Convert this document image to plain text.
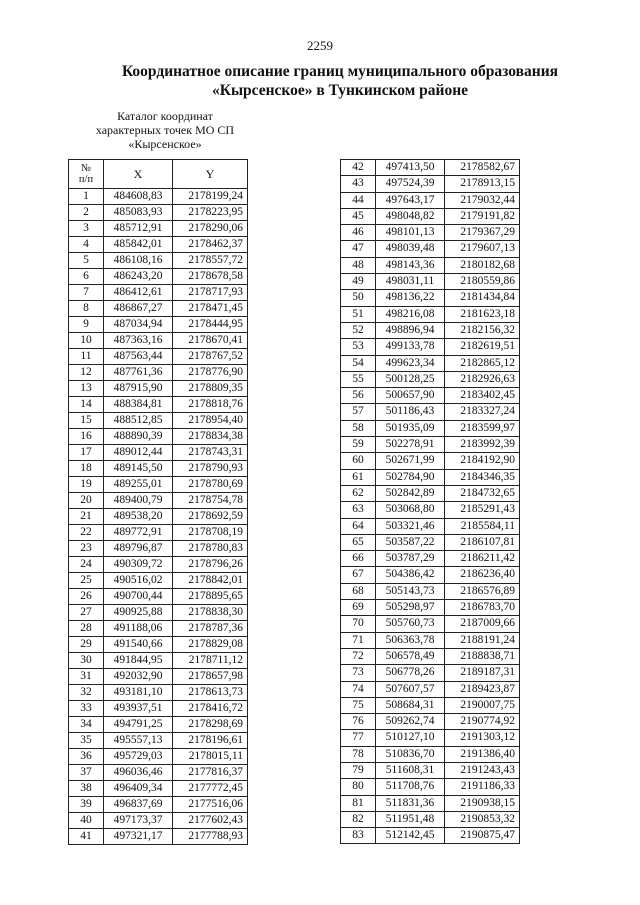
2259
Координатное описание границ муниципального образования
«Кырсенское» в Тункинском районе
Каталог координат
характерных точек МО СП
«Кырсенское»
№
п/п	X	Y
1	484608,83	2178199,24
2	485083,93	2178223,95
3	485712,91	2178290,06
4	485842,01	2178462,37
5	486108,16	2178557,72
6	486243,20	2178678,58
7	486412,61	2178717,93
8	486867,27	2178471,45
9	487034,94	2178444,95
10	487363,16	2178670,41
11	487563,44	2178767,52
12	487761,36	2178776,90
13	487915,90	2178809,35
14	488384,81	2178818,76
15	488512,85	2178954,40
16	488890,39	2178834,38
17	489012,44	2178743,31
18	489145,50	2178790,93
19	489255,01	2178780,69
20	489400,79	2178754,78
21	489538,20	2178692,59
22	489772,91	2178708,19
23	489796,87	2178780,83
24	490309,72	2178796,26
25	490516,02	2178842,01
26	490700,44	2178895,65
27	490925,88	2178838,30
28	491188,06	2178787,36
29	491540,66	2178829,08
30	491844,95	2178711,12
31	492032,90	2178657,98
32	493181,10	2178613,73
33	493937,51	2178416,72
34	494791,25	2178298,69
35	495557,13	2178196,61
36	495729,03	2178015,11
37	496036,46	2177816,37
38	496409,34	2177772,45
39	496837,69	2177516,06
40	497173,37	2177602,43
41	497321,17	2177788,93
42	497413,50	2178582,67
43	497524,39	2178913,15
44	497643,17	2179032,44
45	498048,82	2179191,82
46	498101,13	2179367,29
47	498039,48	2179607,13
48	498143,36	2180182,68
49	498031,11	2180559,86
50	498136,22	2181434,84
51	498216,08	2181623,18
52	498896,94	2182156,32
53	499133,78	2182619,51
54	499623,34	2182865,12
55	500128,25	2182926,63
56	500657,90	2183402,45
57	501186,43	2183327,24
58	501935,09	2183599,97
59	502278,91	2183992,39
60	502671,99	2184192,90
61	502784,90	2184346,35
62	502842,89	2184732,65
63	503068,80	2185291,43
64	503321,46	2185584,11
65	503587,22	2186107,81
66	503787,29	2186211,42
67	504386,42	2186236,40
68	505143,73	2186576,89
69	505298,97	2186783,70
70	505760,73	2187009,66
71	506363,78	2188191,24
72	506578,49	2188838,71
73	506778,26	2189187,31
74	507607,57	2189423,87
75	508684,31	2190007,75
76	509262,74	2190774,92
77	510127,10	2191303,12
78	510836,70	2191386,40
79	511608,31	2191243,43
80	511708,76	2191186,33
81	511831,36	2190938,15
82	511951,48	2190853,32
83	512142,45	2190875,47
